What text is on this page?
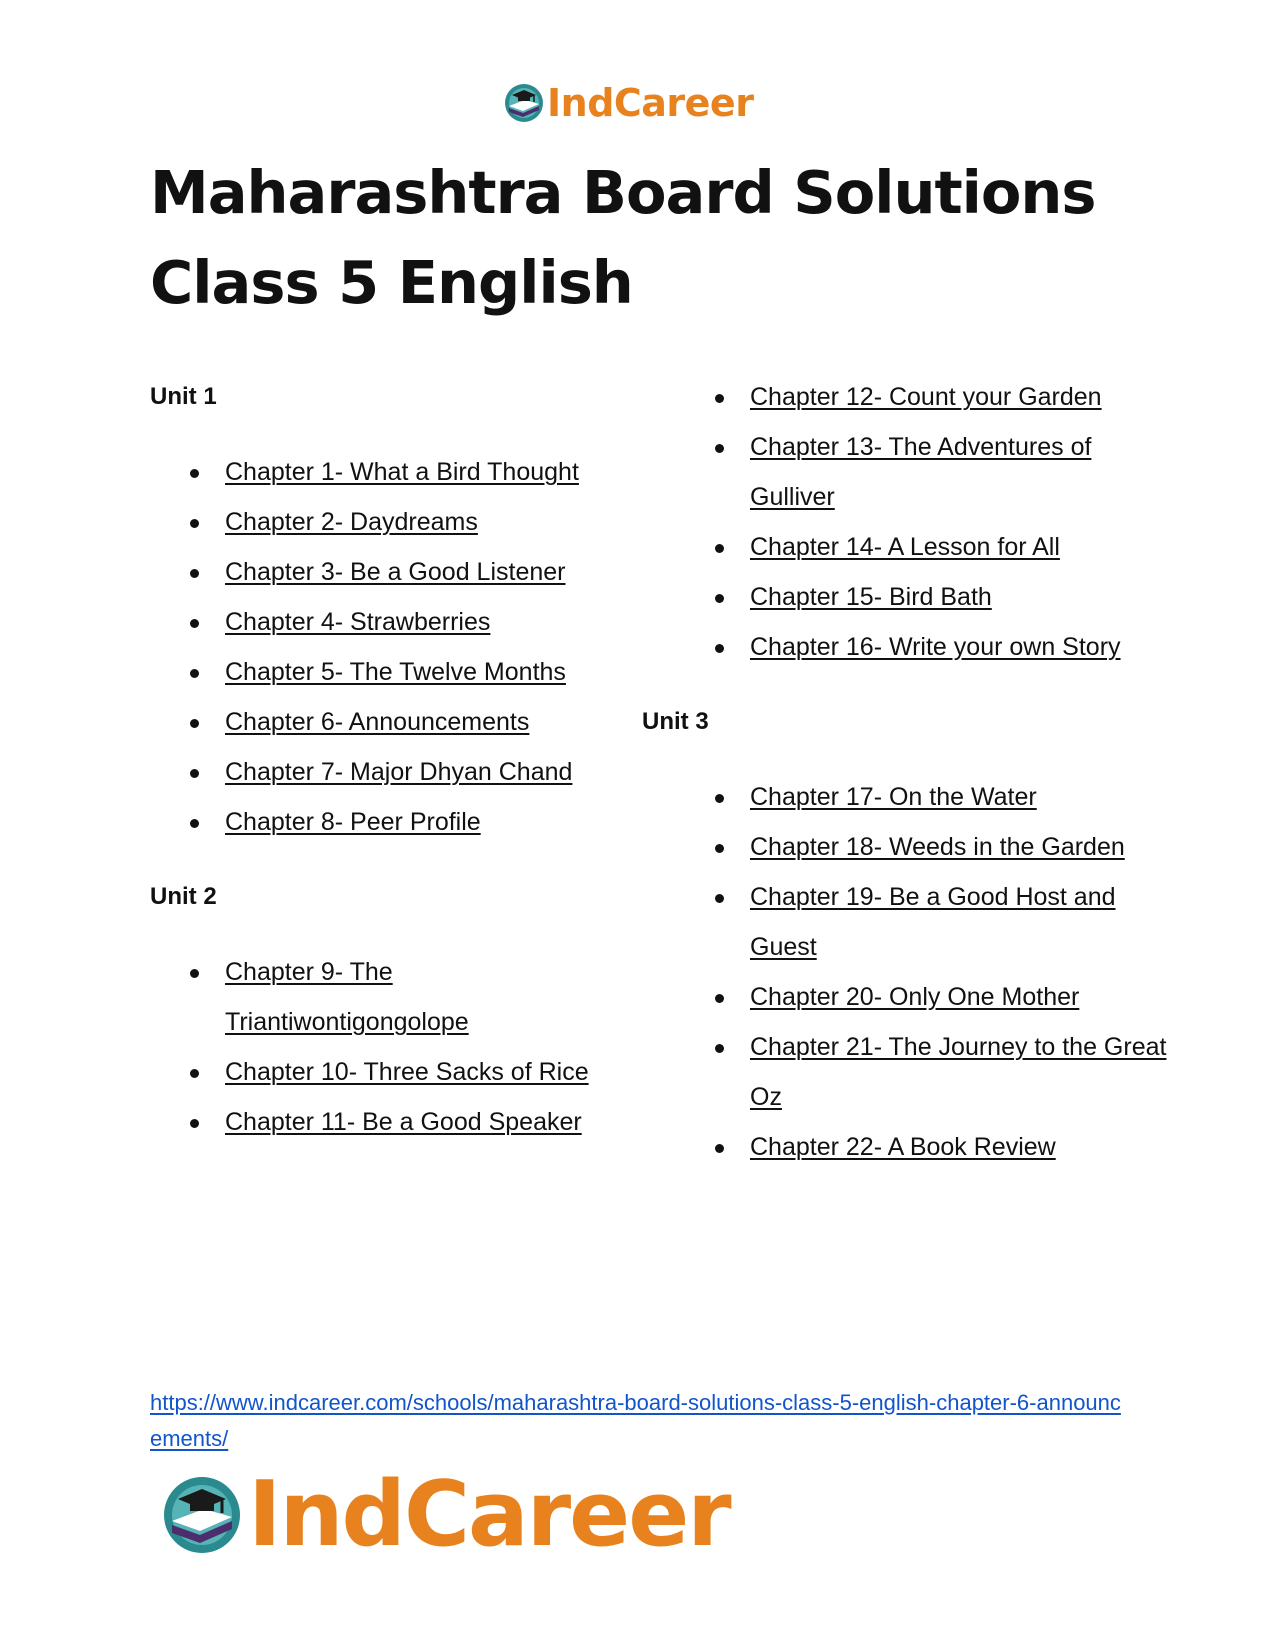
IndCareer
Maharashtra Board Solutions
Class 5 English
Unit 1
Chapter 1- What a Bird Thought
Chapter 2- Daydreams
Chapter 3- Be a Good Listener
Chapter 4- Strawberries
Chapter 5- The Twelve Months
Chapter 6- Announcements
Chapter 7- Major Dhyan Chand
Chapter 8- Peer Profile
Unit 2
Chapter 9- The Triantiwontigongolope
Chapter 10- Three Sacks of Rice
Chapter 11- Be a Good Speaker
Chapter 12- Count your Garden
Chapter 13- The Adventures of Gulliver
Chapter 14- A Lesson for All
Chapter 15- Bird Bath
Chapter 16- Write your own Story
Unit 3
Chapter 17- On the Water
Chapter 18- Weeds in the Garden
Chapter 19- Be a Good Host and Guest
Chapter 20- Only One Mother
Chapter 21- The Journey to the Great Oz
Chapter 22- A Book Review
https://www.indcareer.com/schools/maharashtra-board-solutions-class-5-english-chapter-6-announcements/
IndCareer
